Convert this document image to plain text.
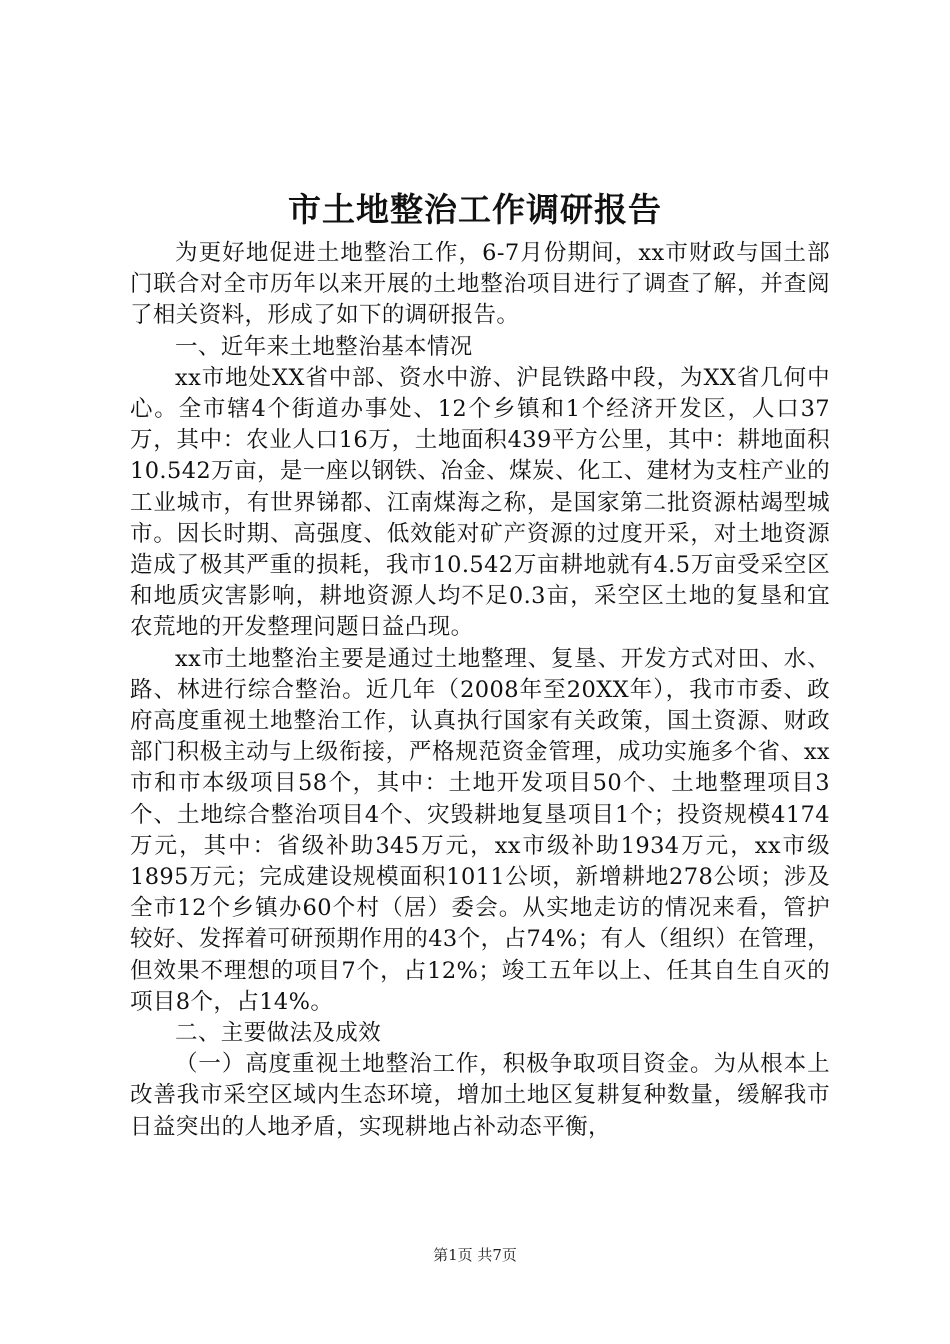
市土地整治工作调研报告

为更好地促进土地整治工作，6-7月份期间，xx市财政与国土部门联合对全市历年以来开展的土地整治项目进行了调查了解，并查阅了相关资料，形成了如下的调研报告。

一、近年来土地整治基本情况

xx市地处XX省中部、资水中游、沪昆铁路中段，为XX省几何中心。全市辖4个街道办事处、12个乡镇和1个经济开发区，人口37万，其中：农业人口16万，土地面积439平方公里，其中：耕地面积10.542万亩，是一座以钢铁、冶金、煤炭、化工、建材为支柱产业的工业城市，有世界锑都、江南煤海之称，是国家第二批资源枯竭型城市。因长时期、高强度、低效能对矿产资源的过度开采，对土地资源造成了极其严重的损耗，我市10.542万亩耕地就有4.5万亩受采空区和地质灾害影响，耕地资源人均不足0.3亩，采空区土地的复垦和宜农荒地的开发整理问题日益凸现。

xx市土地整治主要是通过土地整理、复垦、开发方式对田、水、路、林进行综合整治。近几年（2008年至20XX年），我市市委、政府高度重视土地整治工作，认真执行国家有关政策，国土资源、财政部门积极主动与上级衔接，严格规范资金管理，成功实施多个省、xx市和市本级项目58个，其中：土地开发项目50个、土地整理项目3个、土地综合整治项目4个、灾毁耕地复垦项目1个；投资规模4174万元，其中：省级补助345万元，xx市级补助1934万元，xx市级1895万元；完成建设规模面积1011公顷，新增耕地278公顷；涉及全市12个乡镇办60个村（居）委会。从实地走访的情况来看，管护较好、发挥着可研预期作用的43个，占74%；有人（组织）在管理，但效果不理想的项目7个，占12%；竣工五年以上、任其自生自灭的项目8个，占14%。

二、主要做法及成效

（一）高度重视土地整治工作，积极争取项目资金。为从根本上改善我市采空区域内生态环境，增加土地区复耕复种数量，缓解我市日益突出的人地矛盾，实现耕地占补动态平衡，

第1页 共7页
